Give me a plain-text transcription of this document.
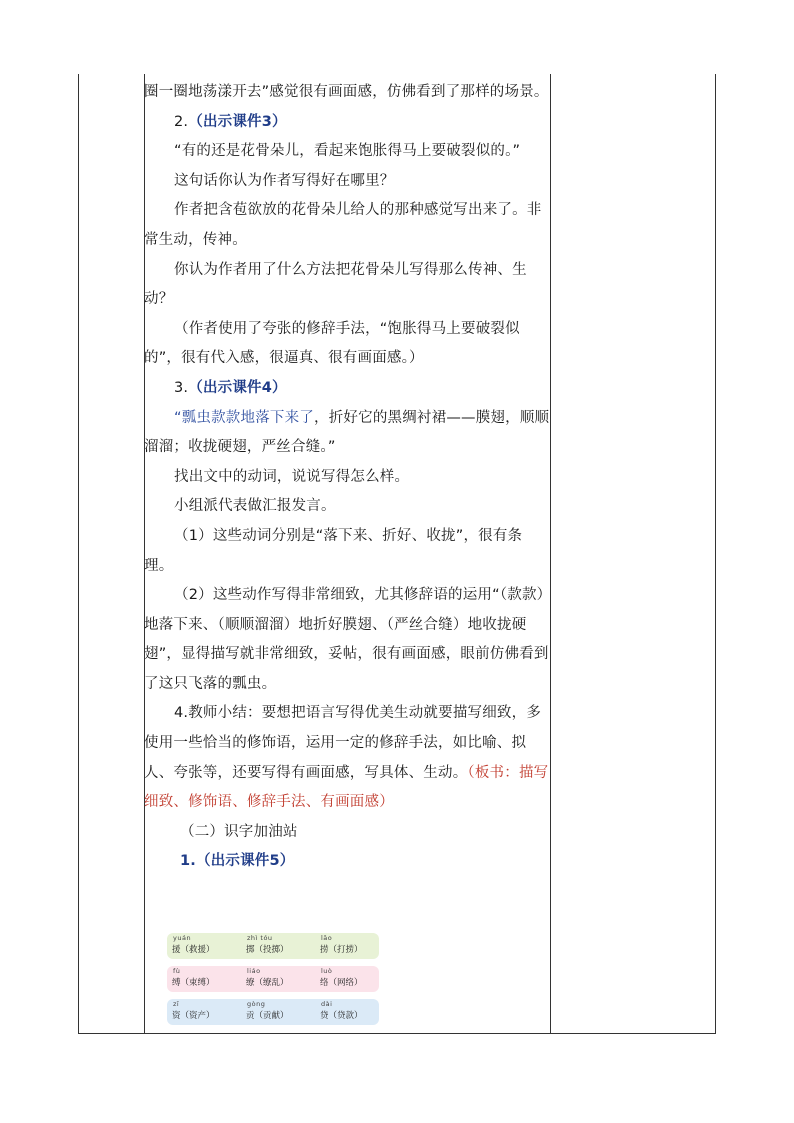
圈一圈地荡漾开去”感觉很有画面感，仿佛看到了那样的场景。

2.（出示课件3）

“有的还是花骨朵儿，看起来饱胀得马上要破裂似的。”

这句话你认为作者写得好在哪里？

作者把含苞欲放的花骨朵儿给人的那种感觉写出来了。非常生动，传神。

你认为作者用了什么方法把花骨朵儿写得那么传神、生动？

（作者使用了夸张的修辞手法，“饱胀得马上要破裂似的”，很有代入感，很逼真、很有画面感。）

3.（出示课件4）

“瓢虫款款地落下来了，折好它的黑绸衬裙——膜翅，顺顺溜溜；收拢硬翅，严丝合缝。”

找出文中的动词，说说写得怎么样。

小组派代表做汇报发言。

（1）这些动词分别是“落下来、折好、收拢”，很有条理。

（2）这些动作写得非常细致，尤其修辞语的运用“（款款）地落下来、（顺顺溜溜）地折好膜翅、（严丝合缝）地收拢硬翅”，显得描写就非常细致，妥帖，很有画面感，眼前仿佛看到了这只飞落的瓢虫。

4.教师小结：要想把语言写得优美生动就要描写细致，多使用一些恰当的修饰语，运用一定的修辞手法，如比喻、拟人、夸张等，还要写得有画面感，写具体、生动。（板书：描写细致、修饰语、修辞手法、有画面感）

（二）识字加油站

1.（出示课件5）

yuán
援（救援）
zhì tóu
掷（投掷）
lāo
捞（打捞）
fù
缚（束缚）
liáo
缭（缭乱）
luò
络（网络）
zī
资（资产）
gòng
贡（贡献）
dài
贷（贷款）
